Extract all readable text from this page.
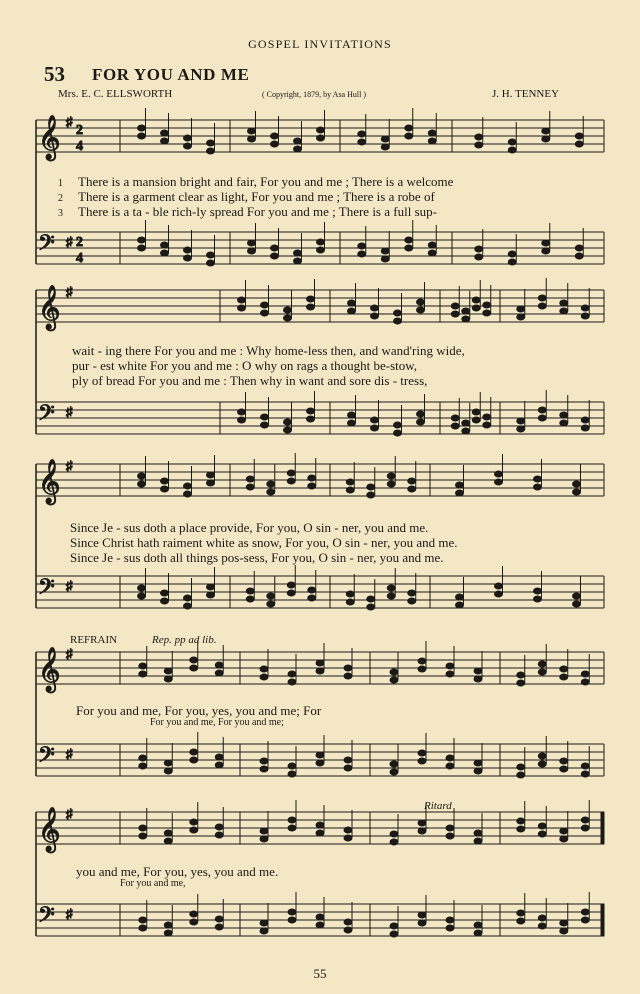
GOSPEL INVITATIONS
53 FOR YOU AND ME
Mrs. E. C. ELLSWORTH	( Copyright, 1879, by Asa Hull )	J. H. TENNEY
𝄞 ♯
𝄢 ♯
𝄞 ♯
𝄢 ♯
𝄞 ♯
𝄢 ♯
𝄞 ♯
𝄢 ♯
𝄞 ♯
𝄢 ♯
2
4
2
4
1
2
3
There is a mansion bright and fair, For you and me ; There is a welcome
There is a garment clear as light, For you and me ; There is a robe of
There is a ta - ble rich-ly spread For you and me ; There is a full sup-
wait - ing there For you and me : Why home-less then, and wand'ring wide,
pur - est white For you and me : O why on rags a thought be-stow,
ply of bread For you and me : Then why in want and sore dis - tress,
Since Je - sus doth a place provide, For you, O sin - ner, you and me.
Since Christ hath raiment white as snow, For you, O sin - ner, you and me.
Since Je - sus doth all things pos-sess, For you, O sin - ner, you and me.
REFRAIN	Rep. pp ad lib.
For you and me, For you, yes, you and me; For
For you and me, For you and me;
Ritard
you and me, For you, yes, you and me.
For you and me,
55
